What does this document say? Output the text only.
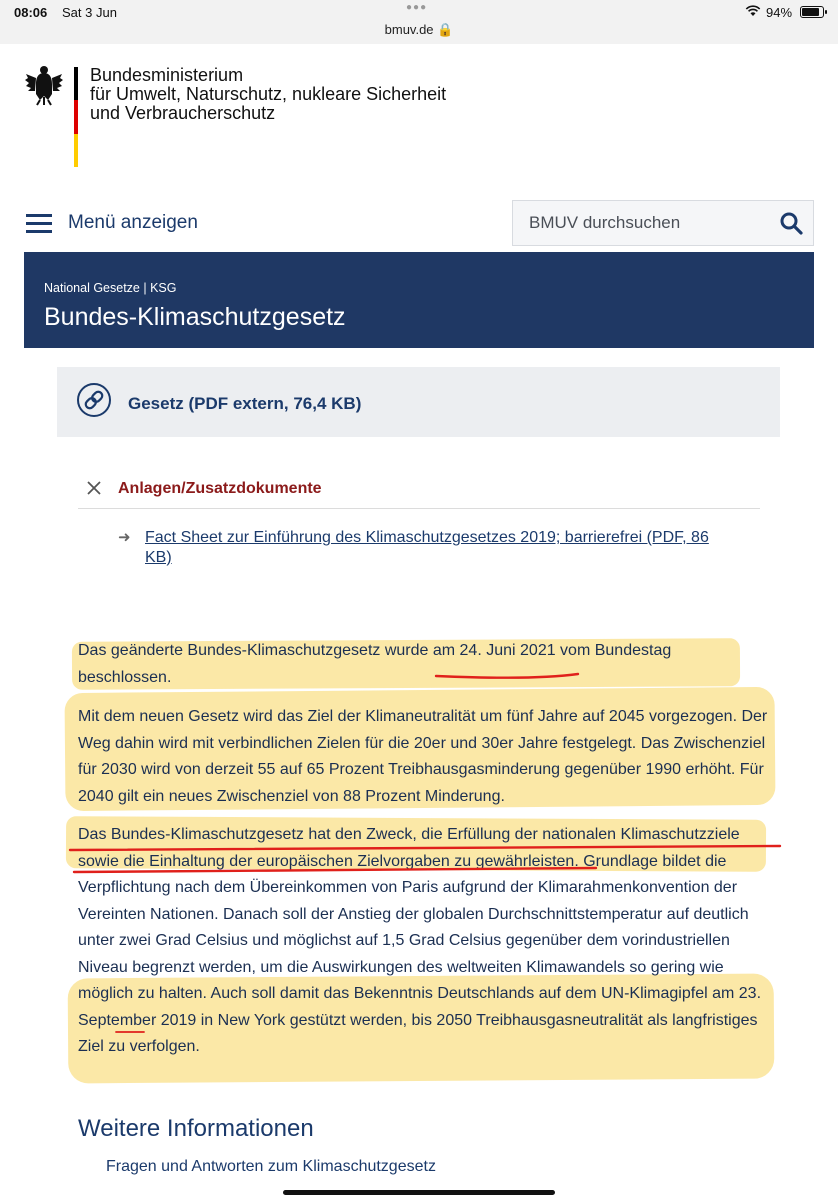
08:06 Sat 3 Jun	●●●
bmuv.de 🔒
94%
Bundesministerium
für Umwelt, Naturschutz, nukleare Sicherheit
und Verbraucherschutz
Menü anzeigen
BMUV durchsuchen
National Gesetze | KSG
Bundes-Klimaschutzgesetz
Gesetz (PDF extern, 76,4 KB)
Anlagen/Zusatzdokumente
➜ Fact Sheet zur Einführung des Klimaschutzgesetzes 2019; barrierefrei (PDF, 86 KB)

Das geänderte Bundes-Klimaschutzgesetz wurde am 24. Juni 2021 vom Bundestag beschlossen.

Mit dem neuen Gesetz wird das Ziel der Klimaneutralität um fünf Jahre auf 2045 vorgezogen. Der Weg dahin wird mit verbindlichen Zielen für die 20er und 30er Jahre festgelegt. Das Zwischenziel für 2030 wird von derzeit 55 auf 65 Prozent Treibhausgasminderung gegenüber 1990 erhöht. Für 2040 gilt ein neues Zwischenziel von 88 Prozent Minderung.

Das Bundes-Klimaschutzgesetz hat den Zweck, die Erfüllung der nationalen Klimaschutzziele sowie die Einhaltung der europäischen Zielvorgaben zu gewährleisten. Grundlage bildet die Verpflichtung nach dem Übereinkommen von Paris aufgrund der Klimarahmenkonvention der Vereinten Nationen. Danach soll der Anstieg der globalen Durchschnittstemperatur auf deutlich unter zwei Grad Celsius und möglichst auf 1,5 Grad Celsius gegenüber dem vorindustriellen Niveau begrenzt werden, um die Auswirkungen des weltweiten Klimawandels so gering wie möglich zu halten. Auch soll damit das Bekenntnis Deutschlands auf dem UN-Klimagipfel am 23. September 2019 in New York gestützt werden, bis 2050 Treibhausgasneutralität als langfristiges Ziel zu verfolgen.

Weitere Informationen
Fragen und Antworten zum Klimaschutzgesetz
